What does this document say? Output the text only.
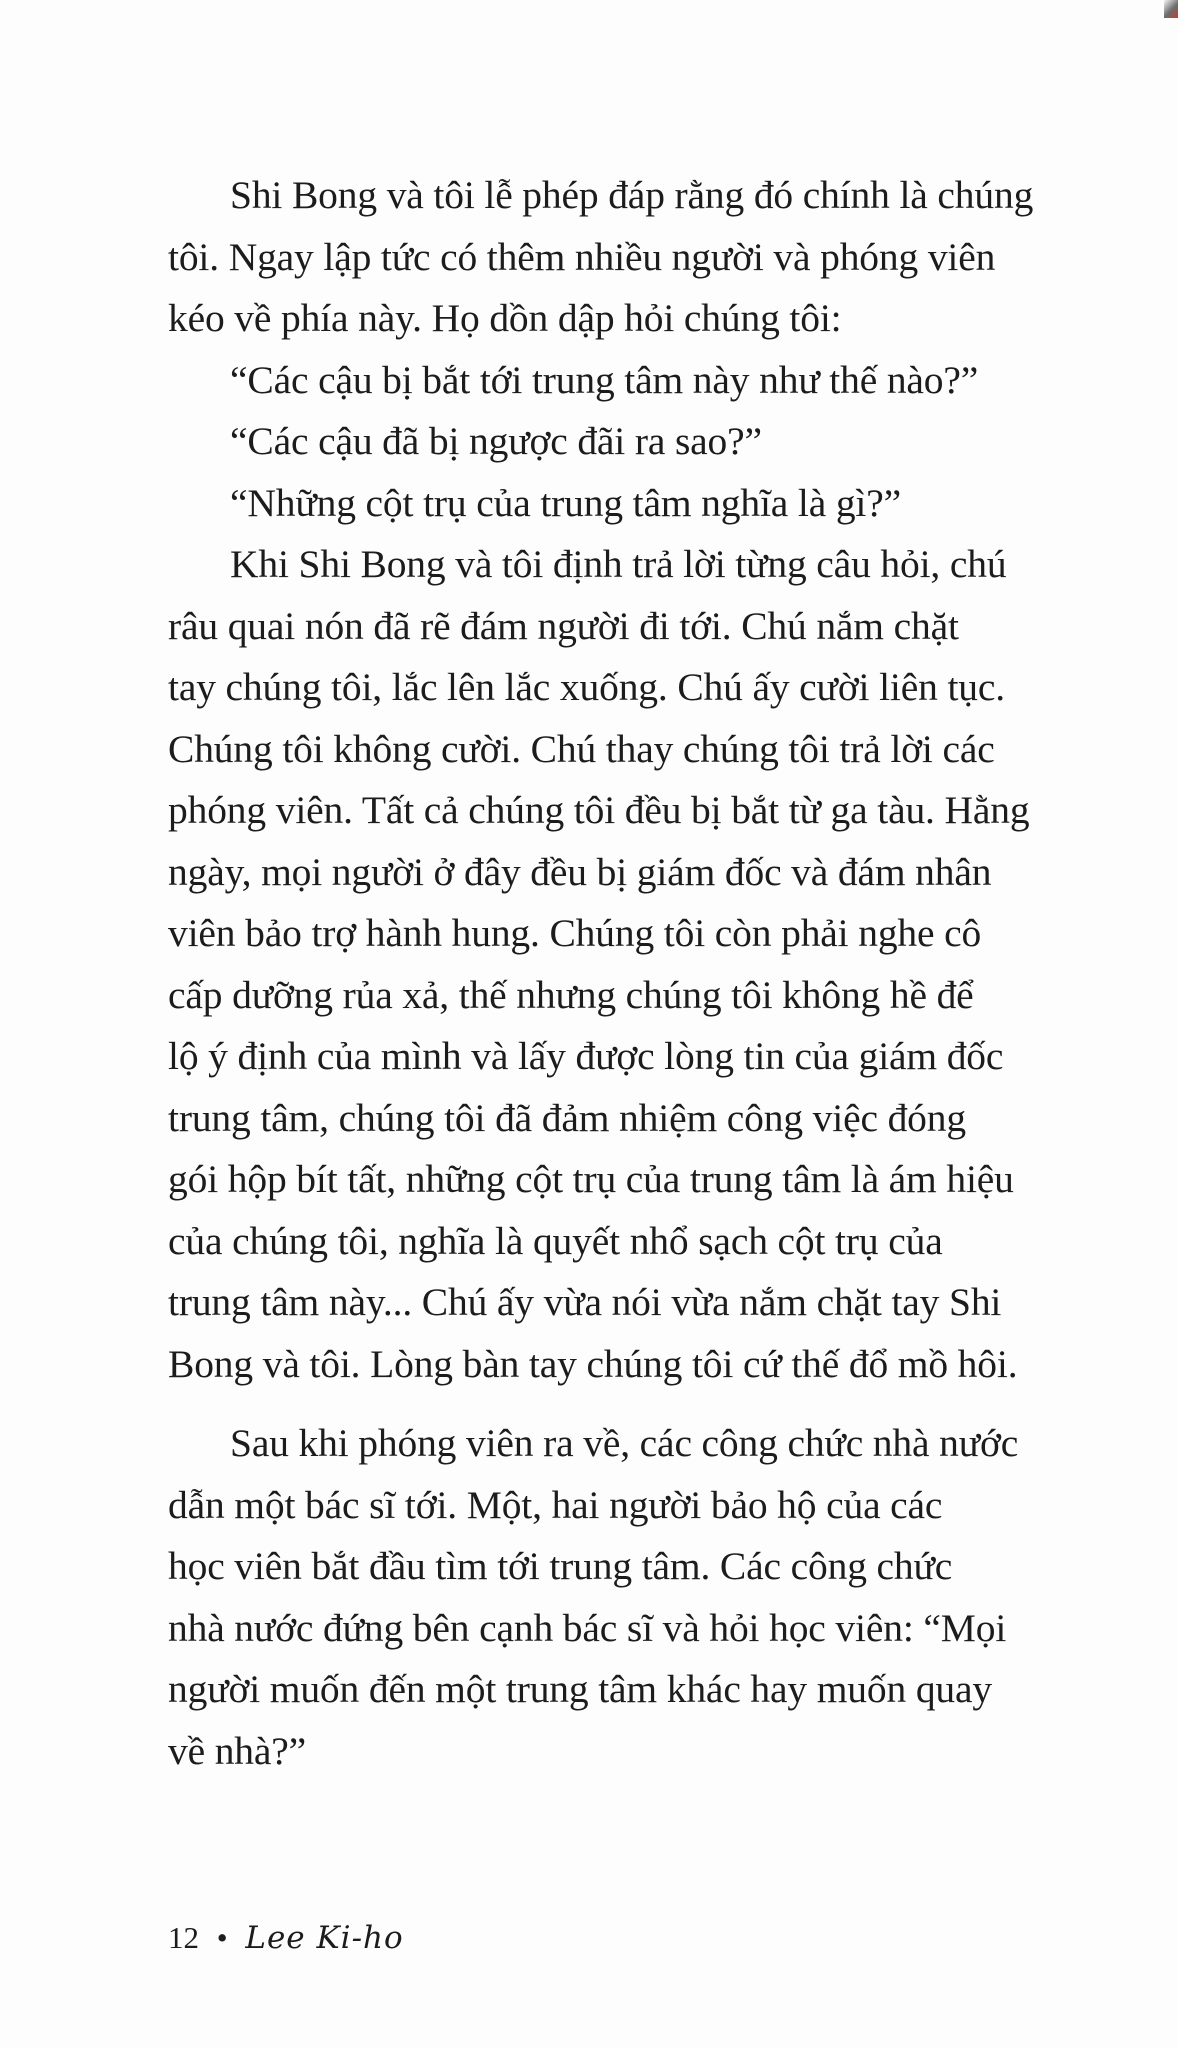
Shi Bong và tôi lễ phép đáp rằng đó chính là chúng
tôi. Ngay lập tức có thêm nhiều người và phóng viên
kéo về phía này. Họ dồn dập hỏi chúng tôi:
“Các cậu bị bắt tới trung tâm này như thế nào?”
“Các cậu đã bị ngược đãi ra sao?”
“Những cột trụ của trung tâm nghĩa là gì?”
Khi Shi Bong và tôi định trả lời từng câu hỏi, chú
râu quai nón đã rẽ đám người đi tới. Chú nắm chặt
tay chúng tôi, lắc lên lắc xuống. Chú ấy cười liên tục.
Chúng tôi không cười. Chú thay chúng tôi trả lời các
phóng viên. Tất cả chúng tôi đều bị bắt từ ga tàu. Hằng
ngày, mọi người ở đây đều bị giám đốc và đám nhân
viên bảo trợ hành hung. Chúng tôi còn phải nghe cô
cấp dưỡng rủa xả, thế nhưng chúng tôi không hề để
lộ ý định của mình và lấy được lòng tin của giám đốc
trung tâm, chúng tôi đã đảm nhiệm công việc đóng
gói hộp bít tất, những cột trụ của trung tâm là ám hiệu
của chúng tôi, nghĩa là quyết nhổ sạch cột trụ của
trung tâm này... Chú ấy vừa nói vừa nắm chặt tay Shi
Bong và tôi. Lòng bàn tay chúng tôi cứ thế đổ mồ hôi.
Sau khi phóng viên ra về, các công chức nhà nước
dẫn một bác sĩ tới. Một, hai người bảo hộ của các
học viên bắt đầu tìm tới trung tâm. Các công chức
nhà nước đứng bên cạnh bác sĩ và hỏi học viên: “Mọi
người muốn đến một trung tâm khác hay muốn quay
về nhà?”
12 • Lee Ki-ho
